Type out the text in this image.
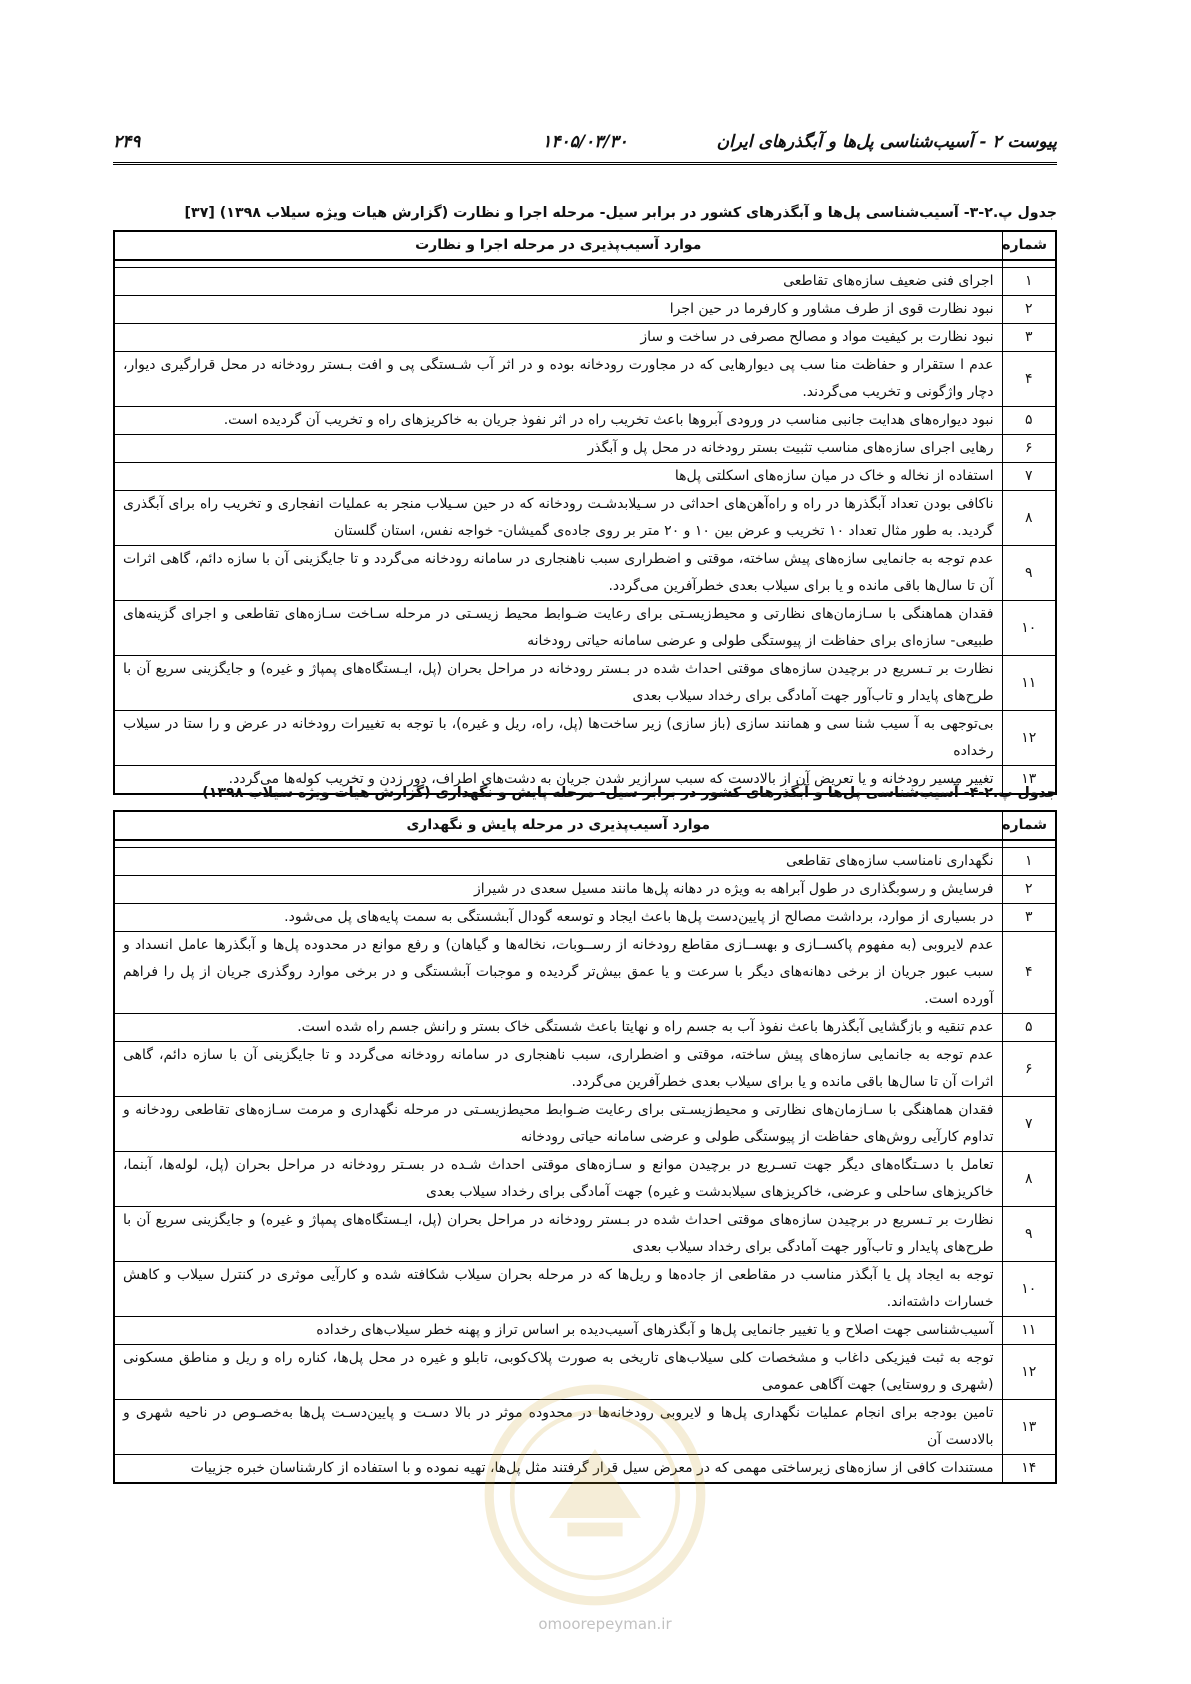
پیوست ۲ - آسیب‌شناسی پل‌ها و آبگذرهای ایران
۱۴۰۵/۰۳/۳۰
۲۴۹
جدول پ.۲-۳- آسیب‌شناسی پل‌ها و آبگذرهای کشور در برابر سیل- مرحله اجرا و نظارت (گزارش هیات ویژه سیلاب ۱۳۹۸) [۳۷]
شماره	موارد آسیب‌پذیری در مرحله اجرا و نظارت

۱	اجرای فنی ضعیف سازه‌های تقاطعی
۲	نبود نظارت قوی از طرف مشاور و کارفرما در حین اجرا
۳	نبود نظارت بر کیفیت مواد و مصالح مصرفی در ساخت و ساز
۴	عدم ا ستقرار و حفاظت منا سب پی دیوارهایی که در مجاورت رودخانه بوده و در اثر آب شـستگی پی و افت بـستر رودخانه در محل قرارگیری دیوار، دچار واژگونی و تخریب می‌گردند.
۵	نبود دیواره‌های هدایت جانبی مناسب در ورودی آبروها باعث تخریب راه در اثر نفوذ جریان به خاکریزهای راه و تخریب آن گردیده است.
۶	رهایی اجرای سازه‌های مناسب تثبیت بستر رودخانه در محل پل و آبگذر
۷	استفاده از نخاله و خاک در میان سازه‌های اسکلتی پل‌ها
۸	ناکافی بودن تعداد آبگذرها در راه و راه‌آهن‌های احداثی در سـیلابدشـت رودخانه که در حین سـیلاب منجر به عملیات انفجاری و تخریب راه برای آبگذری گردید. به طور مثال تعداد ۱۰ تخریب و عرض بین ۱۰ و ۲۰ متر بر روی جاده‌ی گمیشان- خواجه نفس، استان گلستان
۹	عدم توجه به جانمایی سازه‌های پیش ساخته، موقتی و اضطراری سبب ناهنجاری در سامانه رودخانه می‌گردد و تا جایگزینی آن با سازه دائم، گاهی اثرات آن تا سال‌ها باقی مانده و یا برای سیلاب بعدی خطرآفرین می‌گردد.
۱۰	فقدان هماهنگی با سـازمان‌های نظارتی و محیط‌زیسـتی برای رعایت ضـوابط محیط زیسـتی در مرحله سـاخت سـازه‌های تقاطعی و اجرای گزینه‌های طبیعی- سازه‌ای برای حفاظت از پیوستگی طولی و عرضی سامانه حیاتی رودخانه
۱۱	نظارت بر تـسریع در برچیدن سازه‌های موقتی احداث شده در بـستر رودخانه در مراحل بحران (پل، ایـستگاه‌های پمپاژ و غیره) و جایگزینی سریع آن با طرح‌های پایدار و تاب‌آور جهت آمادگی برای رخداد سیلاب بعدی
۱۲	بی‌توجهی به آ سیب شنا سی و همانند سازی (باز سازی) زیر ساخت‌ها (پل، راه، ریل و غیره)، با توجه به تغییرات رودخانه در عرض و را ستا در سیلاب رخداده
۱۳	تغییر مسیر رودخانه و یا تعریض آن از بالادست که سبب سرازیر شدن جریان به دشت‌های اطراف، دور زدن و تخریب کوله‌ها می‌گردد.
جدول پ.۲-۴- آسیب‌شناسی پل‌ها و آبگذرهای کشور در برابر سیل- مرحله پایش و نگهداری (گزارش هیات ویژه سیلاب ۱۳۹۸)
شماره	موارد آسیب‌پذیری در مرحله پایش و نگهداری

۱	نگهداری نامناسب سازه‌های تقاطعی
۲	فرسایش و رسوبگذاری در طول آبراهه به ویژه در دهانه پل‌ها مانند مسیل سعدی در شیراز
۳	در بسیاری از موارد، برداشت مصالح از پایین‌دست پل‌ها باعث ایجاد و توسعه گودال آبشستگی به سمت پایه‌های پل می‌شود.
۴	عدم لایروبی (به مفهوم پاکســازی و بهســازی مقاطع رودخانه از رســوبات، نخاله‌ها و گیاهان) و رفع موانع در محدوده پل‌ها و آبگذرها عامل انسداد و سبب عبور جریان از برخی دهانه‌های دیگر با سرعت و یا عمق بیش‌تر گردیده و موجبات آبشستگی و در برخی موارد روگذری جریان از پل را فراهم آورده است.
۵	عدم تنقیه و بازگشایی آبگذرها باعث نفوذ آب به جسم راه و نهایتا باعث شستگی خاک بستر و رانش جسم راه شده است.
۶	عدم توجه به جانمایی سازه‌های پیش ساخته، موقتی و اضطراری، سبب ناهنجاری در سامانه رودخانه می‌گردد و تا جایگزینی آن با سازه دائم، گاهی اثرات آن تا سال‌ها باقی مانده و یا برای سیلاب بعدی خطرآفرین می‌گردد.
۷	فقدان هماهنگی با سـازمان‌های نظارتی و محیط‌زیسـتی برای رعایت ضـوابط محیط‌زیسـتی در مرحله نگهداری و مرمت سـازه‌های تقاطعی رودخانه و تداوم کارآیی روش‌های حفاظت از پیوستگی طولی و عرضی سامانه حیاتی رودخانه
۸	تعامل با دسـتگاه‌های دیگر جهت تسـریع در برچیدن موانع و سـازه‌های موقتی احداث شـده در بسـتر رودخانه در مراحل بحران (پل، لوله‌ها، آبنما، خاکریزهای ساحلی و عرضی، خاکریزهای سیلابدشت و غیره) جهت آمادگی برای رخداد سیلاب بعدی
۹	نظارت بر تـسریع در برچیدن سازه‌های موقتی احداث شده در بـستر رودخانه در مراحل بحران (پل، ایـستگاه‌های پمپاژ و غیره) و جایگزینی سریع آن با طرح‌های پایدار و تاب‌آور جهت آمادگی برای رخداد سیلاب بعدی
۱۰	توجه به ایجاد پل یا آبگذر مناسب در مقاطعی از جاده‌ها و ریل‌ها که در مرحله بحران سیلاب شکافته شده و کارآیی موثری در کنترل سیلاب و کاهش خسارات داشته‌اند.
۱۱	آسیب‌شناسی جهت اصلاح و یا تغییر جانمایی پل‌ها و آبگذرهای آسیب‌دیده بر اساس تراز و پهنه خطر سیلاب‌های رخداده
۱۲	توجه به ثبت فیزیکی داغاب و مشخصات کلی سیلاب‌های تاریخی به صورت پلاک‌کوبی، تابلو و غیره در محل پل‌ها، کناره راه و ریل و مناطق مسکونی (شهری و روستایی) جهت آگاهی عمومی
۱۳	تامین بودجه برای انجام عملیات نگهداری پل‌ها و لایروبی رودخانه‌ها در محدوده موثر در بالا دسـت و پایین‌دسـت پل‌ها به‌خصـوص در ناحیه شهری و بالادست آن
۱۴	مستندات کافی از سازه‌های زیرساختی مهمی که در معرض سیل قرار گرفتند مثل پل‌ها، تهیه نموده و با استفاده از کارشناسان خبره جزییات
omoorepeyman.ir
